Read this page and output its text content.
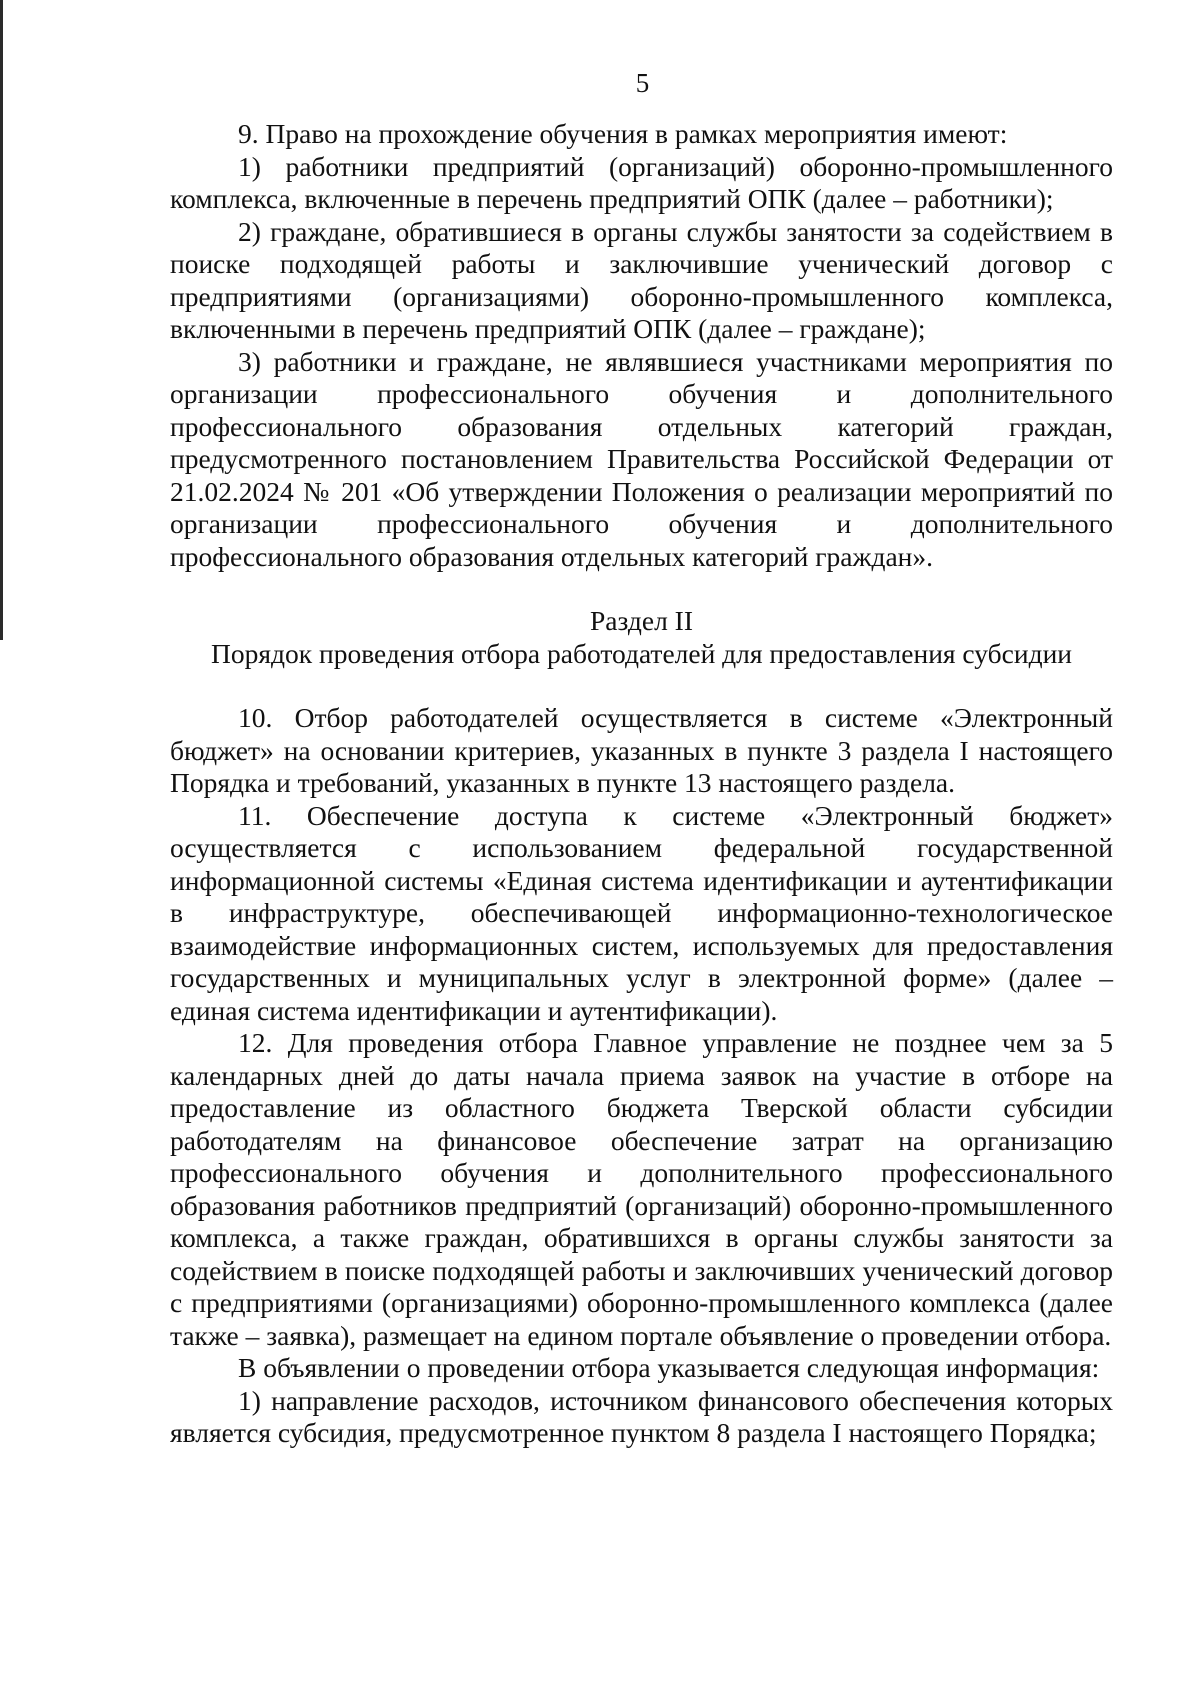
5

9. Право на прохождение обучения в рамках мероприятия имеют:

1) работники предприятий (организаций) оборонно-промышленного комплекса, включенные в перечень предприятий ОПК (далее – работники);

2) граждане, обратившиеся в органы службы занятости за содействием в поиске подходящей работы и заключившие ученический договор с предприятиями (организациями) оборонно-промышленного комплекса, включенными в перечень предприятий ОПК (далее – граждане);

3) работники и граждане, не являвшиеся участниками мероприятия по организации профессионального обучения и дополнительного профессионального образования отдельных категорий граждан, предусмотренного постановлением Правительства Российской Федерации от 21.02.2024 № 201 «Об утверждении Положения о реализации мероприятий по организации профессионального обучения и дополнительного профессионального образования отдельных категорий граждан».

Раздел II

Порядок проведения отбора работодателей для предоставления субсидии

10. Отбор работодателей осуществляется в системе «Электронный бюджет» на основании критериев, указанных в пункте 3 раздела I настоящего Порядка и требований, указанных в пункте 13 настоящего раздела.

11. Обеспечение доступа к системе «Электронный бюджет» осуществляется с использованием федеральной государственной информационной системы «Единая система идентификации и аутентификации в инфраструктуре, обеспечивающей информационно-технологическое взаимодействие информационных систем, используемых для предоставления государственных и муниципальных услуг в электронной форме» (далее – единая система идентификации и аутентификации).

12. Для проведения отбора Главное управление не позднее чем за 5 календарных дней до даты начала приема заявок на участие в отборе на предоставление из областного бюджета Тверской области субсидии работодателям на финансовое обеспечение затрат на организацию профессионального обучения и дополнительного профессионального образования работников предприятий (организаций) оборонно-промышленного комплекса, а также граждан, обратившихся в органы службы занятости за содействием в поиске подходящей работы и заключивших ученический договор с предприятиями (организациями) оборонно-промышленного комплекса (далее также – заявка), размещает на едином портале объявление о проведении отбора.

В объявлении о проведении отбора указывается следующая информация:

1) направление расходов, источником финансового обеспечения которых является субсидия, предусмотренное пунктом 8 раздела I настоящего Порядка;
